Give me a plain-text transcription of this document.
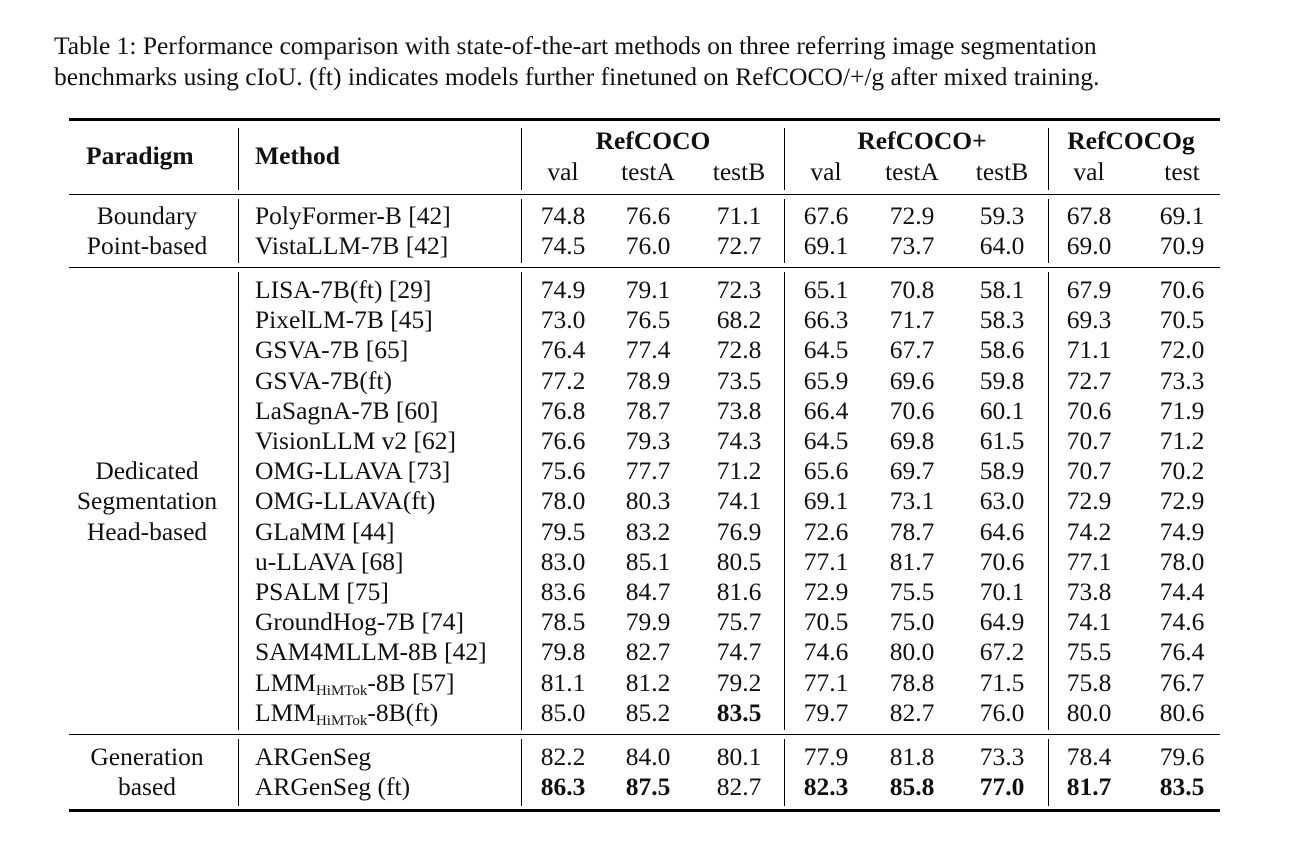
Table 1: Performance comparison with state-of-the-art methods on three referring image segmentation
benchmarks using cIoU. (ft) indicates models further finetuned on RefCOCO/+/g after mixed training.

Paradigm Method
RefCOCO	RefCOCO+	RefCOCOg
val	testA	testB	val	testA	testB	val	test
Boundary
Point-based
PolyFormer-B [42]	74.8	76.6	71.1	67.6	72.9	59.3	67.8	69.1
VistaLLM-7B [42]	74.5	76.0	72.7	69.1	73.7	64.0	69.0	70.9
Dedicated
Segmentation
Head-based
LISA-7B(ft) [29]	74.9	79.1	72.3	65.1	70.8	58.1	67.9	70.6
PixelLM-7B [45]	73.0	76.5	68.2	66.3	71.7	58.3	69.3	70.5
GSVA-7B [65]	76.4	77.4	72.8	64.5	67.7	58.6	71.1	72.0
GSVA-7B(ft)	77.2	78.9	73.5	65.9	69.6	59.8	72.7	73.3
LaSagnA-7B [60]	76.8	78.7	73.8	66.4	70.6	60.1	70.6	71.9
VisionLLM v2 [62]	76.6	79.3	74.3	64.5	69.8	61.5	70.7	71.2
OMG-LLAVA [73]	75.6	77.7	71.2	65.6	69.7	58.9	70.7	70.2
OMG-LLAVA(ft)	78.0	80.3	74.1	69.1	73.1	63.0	72.9	72.9
GLaMM [44]	79.5	83.2	76.9	72.6	78.7	64.6	74.2	74.9
u-LLAVA [68]	83.0	85.1	80.5	77.1	81.7	70.6	77.1	78.0
PSALM [75]	83.6	84.7	81.6	72.9	75.5	70.1	73.8	74.4
GroundHog-7B [74]	78.5	79.9	75.7	70.5	75.0	64.9	74.1	74.6
SAM4MLLM-8B [42]	79.8	82.7	74.7	74.6	80.0	67.2	75.5	76.4
$LMM_{HiMTok}-8B$ [57]	81.1	81.2	79.2	77.1	78.8	71.5	75.8	76.7
$LMM_{HiMTok}-8B(ft)$	85.0	85.2	83.5	79.7	82.7	76.0	80.0	80.6
Generation
based
ARGenSeg	82.2	84.0	80.1	77.9	81.8	73.3	78.4	79.6
ARGenSeg (ft)	86.3	87.5	82.7	82.3	85.8	77.0	81.7	83.5
